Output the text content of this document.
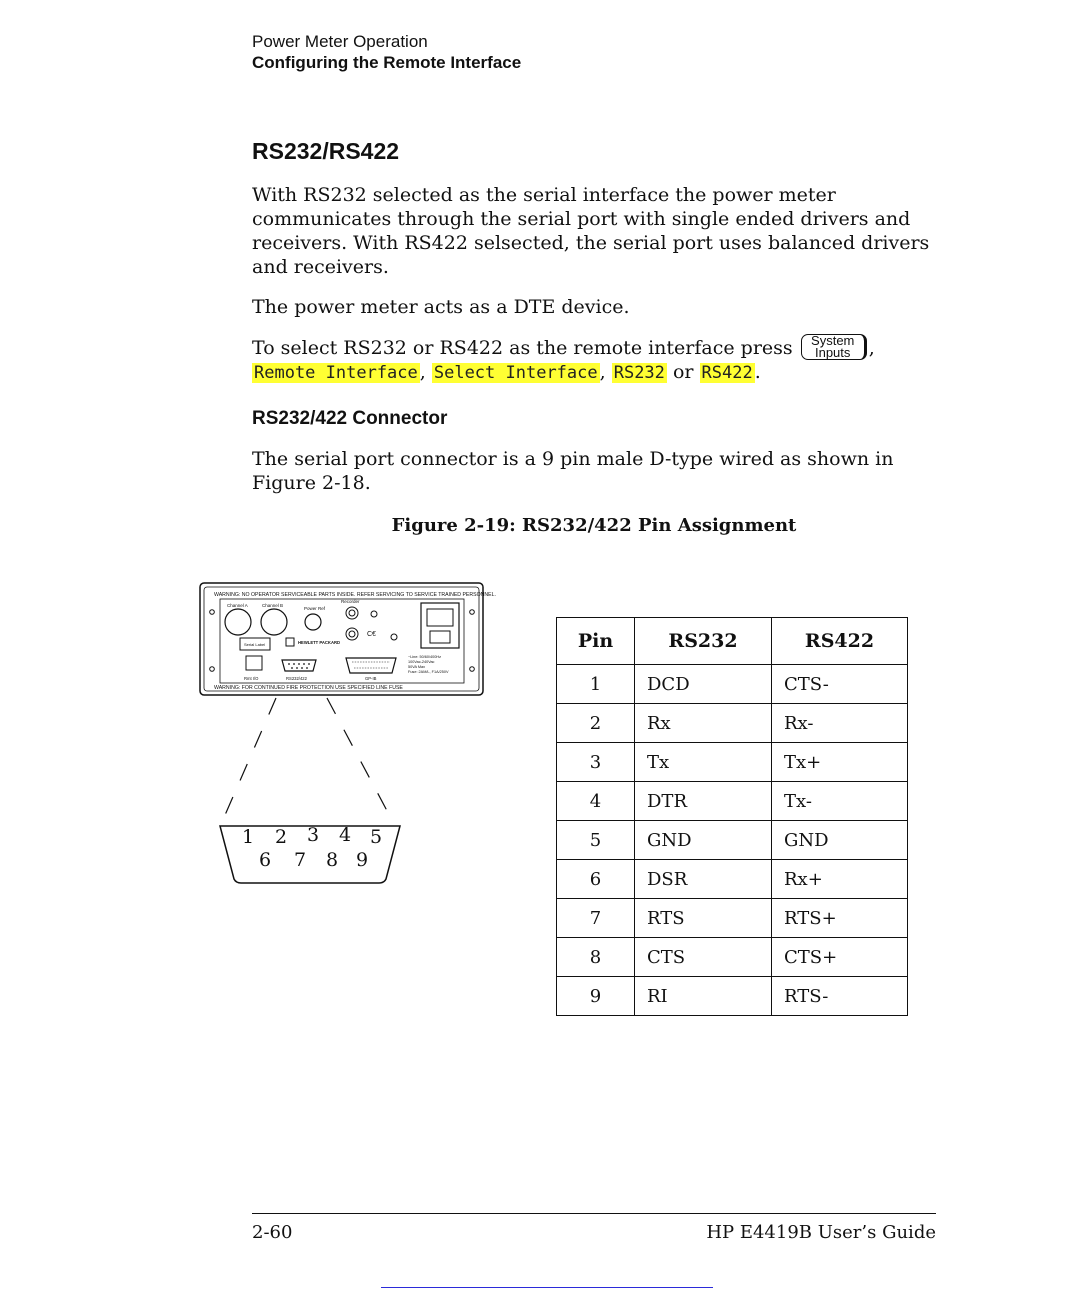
Power Meter Operation
Configuring the Remote Interface
RS232/RS422
With RS232 selected as the serial interface the power meter communicates through the serial port with single ended drivers and receivers. With RS422 selsected, the serial port uses balanced drivers and receivers.
The power meter acts as a DTE device.
To select RS232 or RS422 as the remote interface press	System
Inputs ,
Remote Interface , Select Interface , RS232 or RS422 .
RS232/422 Connector
The serial port connector is a 9 pin male D-type wired as shown in Figure 2-18.
Figure 2-19: RS232/422 Pin Assignment
WARNING: NO OPERATOR SERVICEABLE PARTS INSIDE. REFER SERVICING TO SERVICE TRAINED PERSONNEL.
WARNING: FOR CONTINUED FIRE PROTECTION USE SPECIFIED LINE FUSE
Channel A	Channel B
Power Ref
Recorder
C€
Serial Label	HEWLETT PACKARD
Rmt I/O	RS232/422	GP-IB
~Line: 50/60/400Hz
100Vac-240Vac
50VA Max
Fuse: 2AM/L, F1A/250V
1 2 3 4 5
6 7 8 9
Pin	RS232	RS422
1	DCD	CTS-
2	Rx	Rx-
3	Tx	Tx+
4	DTR	Tx-
5	GND	GND
6	DSR	Rx+
7	RTS	RTS+
8	CTS	CTS+
9	RI	RTS-
2-60	HP E4419B User’s Guide
